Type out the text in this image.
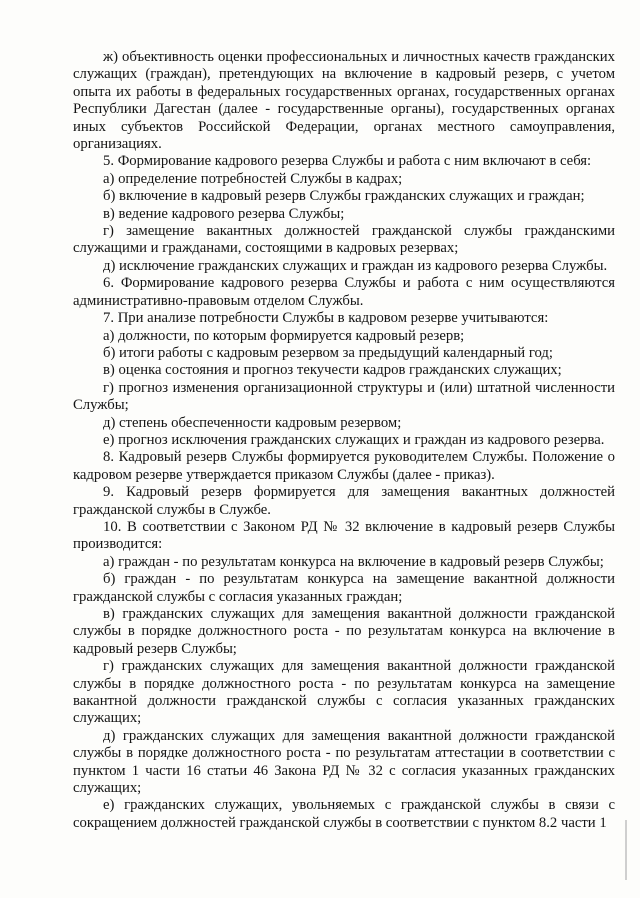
ж) объективность оценки профессиональных и личностных качеств гражданских служащих (граждан), претендующих на включение в кадровый резерв, с учетом опыта их работы в федеральных государственных органах, государственных органах Республики Дагестан (далее - государственные органы), государственных органах иных субъектов Российской Федерации, органах местного самоуправления, организациях.

5. Формирование кадрового резерва Службы и работа с ним включают в себя:

а) определение потребностей Службы в кадрах;

б) включение в кадровый резерв Службы гражданских служащих и граждан;

в) ведение кадрового резерва Службы;

г) замещение вакантных должностей гражданской службы гражданскими служащими и гражданами, состоящими в кадровых резервах;

д) исключение гражданских служащих и граждан из кадрового резерва Службы.

6. Формирование кадрового резерва Службы и работа с ним осуществляются административно-правовым отделом Службы.

7. При анализе потребности Службы в кадровом резерве учитываются:

а) должности, по которым формируется кадровый резерв;

б) итоги работы с кадровым резервом за предыдущий календарный год;

в) оценка состояния и прогноз текучести кадров гражданских служащих;

г) прогноз изменения организационной структуры и (или) штатной численности Службы;

д) степень обеспеченности кадровым резервом;

е) прогноз исключения гражданских служащих и граждан из кадрового резерва.

8. Кадровый резерв Службы формируется руководителем Службы. Положение о кадровом резерве утверждается приказом Службы (далее - приказ).

9. Кадровый резерв формируется для замещения вакантных должностей гражданской службы в Службе.

10. В соответствии с Законом РД № 32 включение в кадровый резерв Службы производится:

а) граждан - по результатам конкурса на включение в кадровый резерв Службы;

б) граждан - по результатам конкурса на замещение вакантной должности гражданской службы с согласия указанных граждан;

в) гражданских служащих для замещения вакантной должности гражданской службы в порядке должностного роста - по результатам конкурса на включение в кадровый резерв Службы;

г) гражданских служащих для замещения вакантной должности гражданской службы в порядке должностного роста - по результатам конкурса на замещение вакантной должности гражданской службы с согласия указанных гражданских служащих;

д) гражданских служащих для замещения вакантной должности гражданской службы в порядке должностного роста - по результатам аттестации в соответствии с пунктом 1 части 16 статьи 46 Закона РД № 32 с согласия указанных гражданских служащих;

е) гражданских служащих, увольняемых с гражданской службы в связи с сокращением должностей гражданской службы в соответствии с пунктом 8.2 части 1
